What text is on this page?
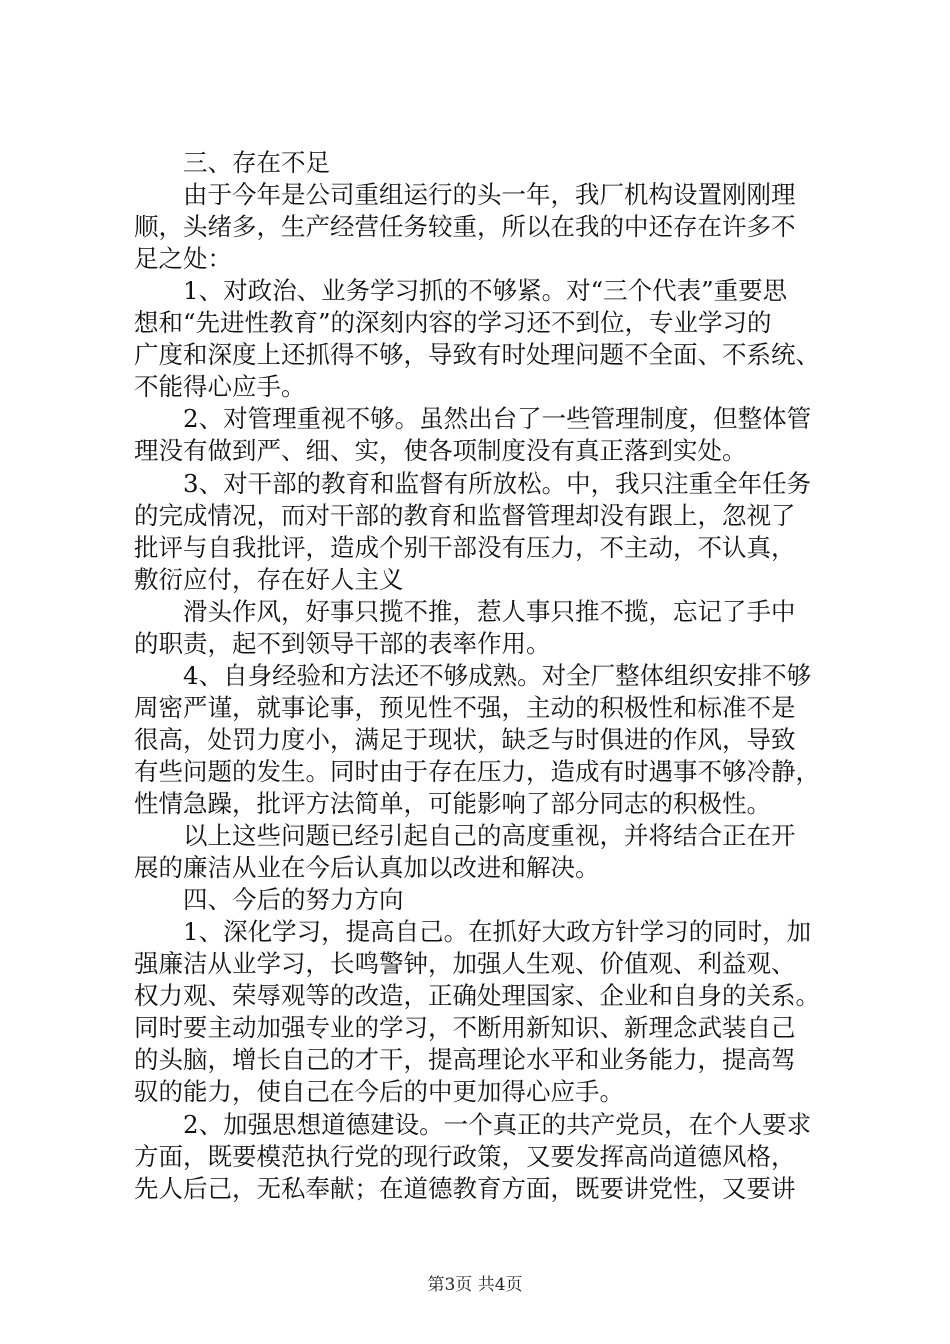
　　三、存在不足
　　由于今年是公司重组运行的头一年，我厂机构设置刚刚理
顺，头绪多，生产经营任务较重，所以在我的中还存在许多不
足之处：
　　1、对政治、业务学习抓的不够紧。对“三个代表”重要思
想和“先进性教育”的深刻内容的学习还不到位，专业学习的
广度和深度上还抓得不够，导致有时处理问题不全面、不系统、
不能得心应手。
　　2、对管理重视不够。虽然出台了一些管理制度，但整体管
理没有做到严、细、实，使各项制度没有真正落到实处。
　　3、对干部的教育和监督有所放松。中，我只注重全年任务
的完成情况，而对干部的教育和监督管理却没有跟上，忽视了
批评与自我批评，造成个别干部没有压力，不主动，不认真，
敷衍应付，存在好人主义
　　滑头作风，好事只揽不推，惹人事只推不揽，忘记了手中
的职责，起不到领导干部的表率作用。
　　4、自身经验和方法还不够成熟。对全厂整体组织安排不够
周密严谨，就事论事，预见性不强，主动的积极性和标准不是
很高，处罚力度小，满足于现状，缺乏与时俱进的作风，导致
有些问题的发生。同时由于存在压力，造成有时遇事不够冷静，
性情急躁，批评方法简单，可能影响了部分同志的积极性。
　　以上这些问题已经引起自己的高度重视，并将结合正在开
展的廉洁从业在今后认真加以改进和解决。
　　四、今后的努力方向
　　1、深化学习，提高自己。在抓好大政方针学习的同时，加
强廉洁从业学习，长鸣警钟，加强人生观、价值观、利益观、
权力观、荣辱观等的改造，正确处理国家、企业和自身的关系。
同时要主动加强专业的学习，不断用新知识、新理念武装自己
的头脑，增长自己的才干，提高理论水平和业务能力，提高驾
驭的能力，使自己在今后的中更加得心应手。
　　2、加强思想道德建设。一个真正的共产党员，在个人要求
方面，既要模范执行党的现行政策，又要发挥高尚道德风格，
先人后己，无私奉献；在道德教育方面，既要讲党性，又要讲
第3页 共4页
